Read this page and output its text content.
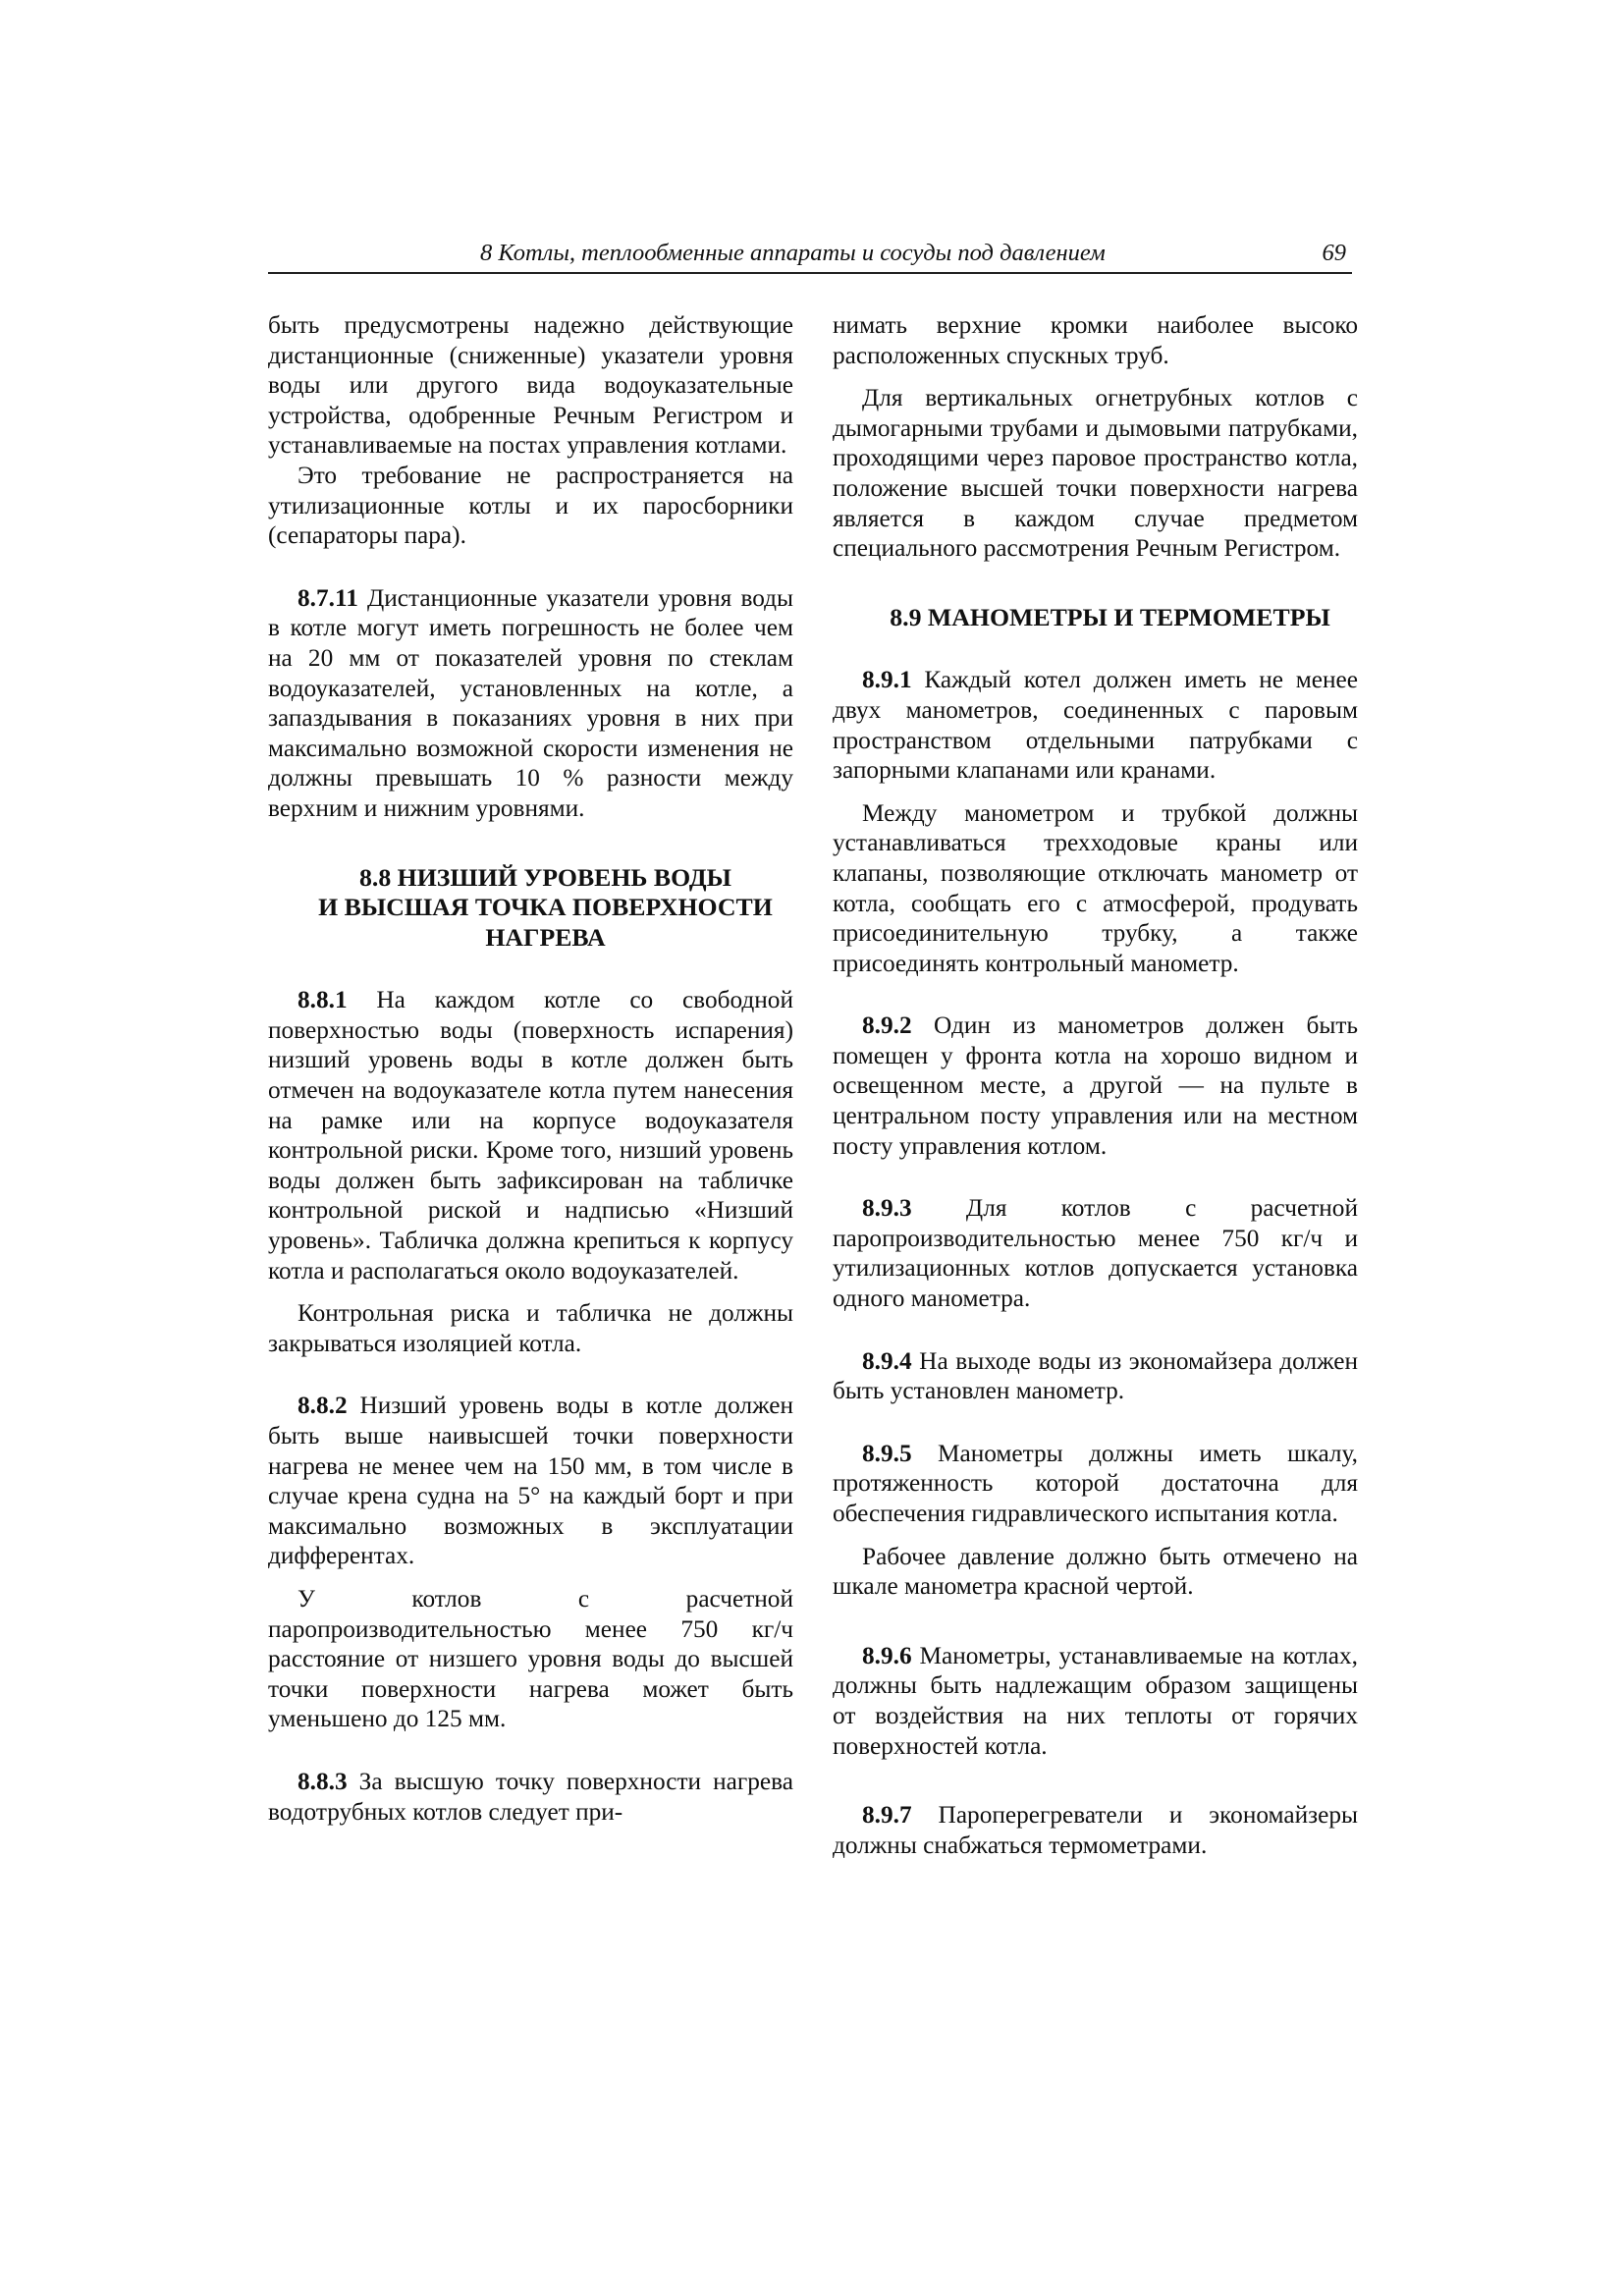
8 Котлы, теплообменные аппараты и сосуды под давлением	69

быть предусмотрены надежно действующие дистанционные (сниженные) указатели уровня воды или другого вида водоуказательные устройства, одобренные Речным Регистром и устанавливаемые на постах управления котлами.

Это требование не распространяется на утилизационные котлы и их паросборники (сепараторы пара).

8.7.11 Дистанционные указатели уровня воды в котле могут иметь погрешность не более чем на 20 мм от показателей уровня по стеклам водоуказателей, установленных на котле, а запаздывания в показаниях уровня в них при максимально возможной скорости изменения не должны превышать 10 % разности между верхним и нижним уровнями.

8.8 НИЗШИЙ УРОВЕНЬ ВОДЫ

И ВЫСШАЯ ТОЧКА ПОВЕРХНОСТИ

НАГРЕВА

8.8.1 На каждом котле со свободной поверхностью воды (поверхность испарения) низший уровень воды в котле должен быть отмечен на водоуказателе котла путем нанесения на рамке или на корпусе водоуказателя контрольной риски. Кроме того, низший уровень воды должен быть зафиксирован на табличке контрольной риской и надписью «Низший уровень». Табличка должна крепиться к корпусу котла и располагаться около водоуказателей.

Контрольная риска и табличка не должны закрываться изоляцией котла.

8.8.2 Низший уровень воды в котле должен быть выше наивысшей точки поверхности нагрева не менее чем на 150 мм, в том числе в случае крена судна на 5° на каждый борт и при максимально возможных в эксплуатации дифферентах.

У котлов с расчетной паропроизводительностью менее 750 кг/ч расстояние от низшего уровня воды до высшей точки поверхности нагрева может быть уменьшено до 125 мм.

8.8.3 За высшую точку поверхности нагрева водотрубных котлов следует при-

нимать верхние кромки наиболее высоко расположенных спускных труб.

Для вертикальных огнетрубных котлов с дымогарными трубами и дымовыми патрубками, проходящими через паровое пространство котла, положение высшей точки поверхности нагрева является в каждом случае предметом специального рассмотрения Речным Регистром.

8.9 МАНОМЕТРЫ И ТЕРМОМЕТРЫ

8.9.1 Каждый котел должен иметь не менее двух манометров, соединенных с паровым пространством отдельными патрубками с запорными клапанами или кранами.

Между манометром и трубкой должны устанавливаться трехходовые краны или клапаны, позволяющие отключать манометр от котла, сообщать его с атмосферой, продувать присоединительную трубку, а также присоединять контрольный манометр.

8.9.2 Один из манометров должен быть помещен у фронта котла на хорошо видном и освещенном месте, а другой — на пульте в центральном посту управления или на местном посту управления котлом.

8.9.3 Для котлов с расчетной паропроизводительностью менее 750 кг/ч и утилизационных котлов допускается установка одного манометра.

8.9.4 На выходе воды из экономайзера должен быть установлен манометр.

8.9.5 Манометры должны иметь шкалу, протяженность которой достаточна для обеспечения гидравлического испытания котла.

Рабочее давление должно быть отмечено на шкале манометра красной чертой.

8.9.6 Манометры, устанавливаемые на котлах, должны быть надлежащим образом защищены от воздействия на них теплоты от горячих поверхностей котла.

8.9.7 Пароперегреватели и экономайзеры должны снабжаться термометрами.
